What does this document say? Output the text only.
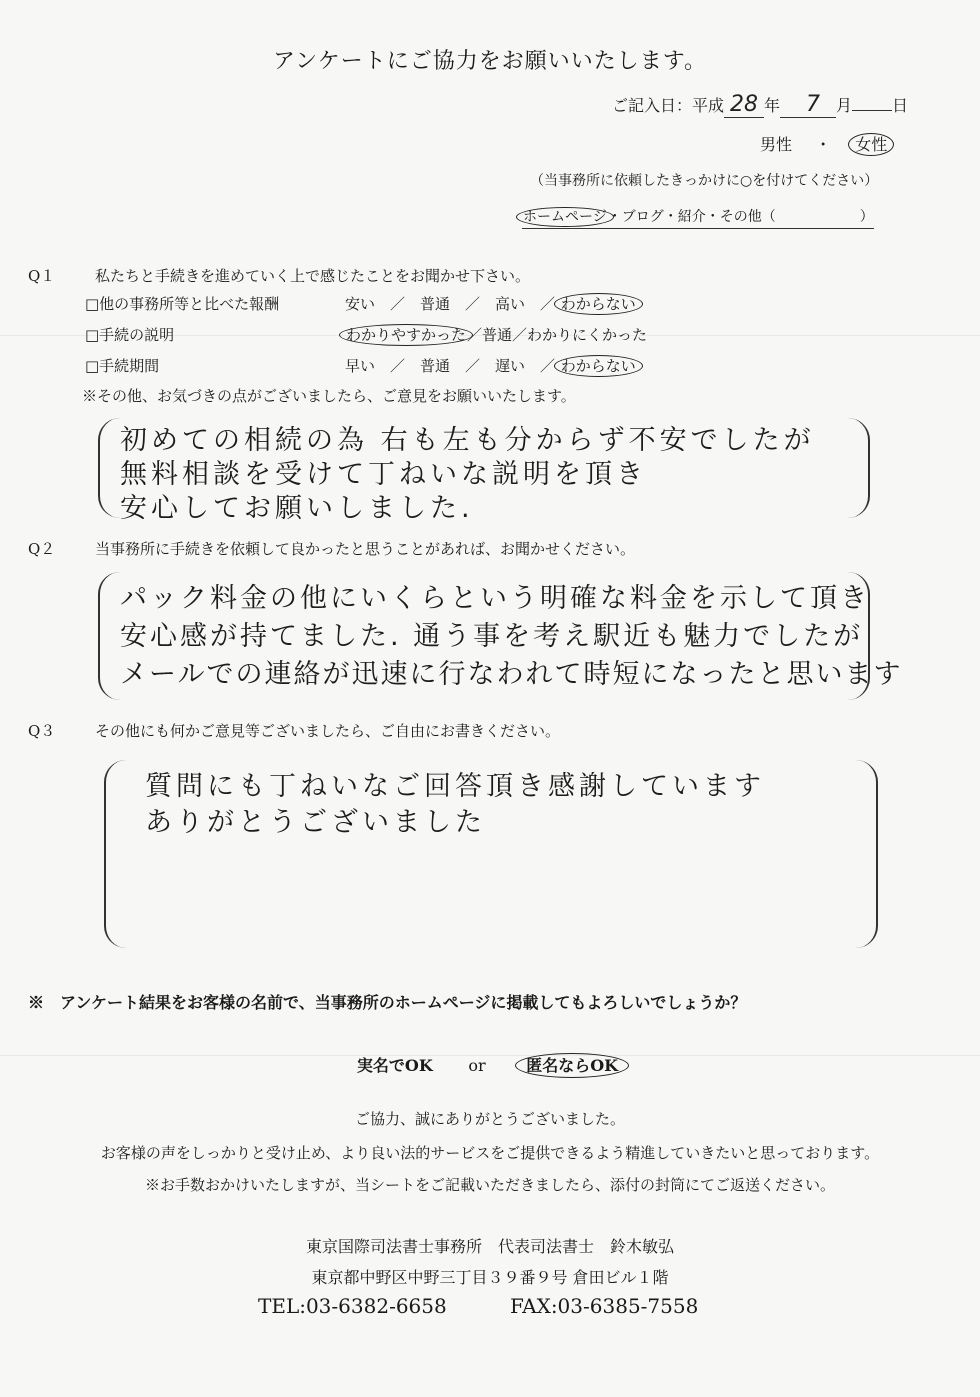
アンケートにご協力をお願いいたします。
ご記入日：平成 28 年 7 月	日
男性 ・ 女性
（当事務所に依頼したきっかけに○を付けてください）
ホームページ・ブログ・紹介・その他（　　　　　　）
Q１	私たちと手続きを進めていく上で感じたことをお聞かせ下さい。
□他の事務所等と比べた報酬	安い　／　普通　／　高い　／ わからない
□手続の説明	わかりやすかった／普通／わかりにくかった
□手続期間	早い　／　普通　／　遅い　／ わからない
※その他、お気づきの点がございましたら、ご意見をお願いいたします。
初めての相続の為 右も左も分からず不安でしたが
無料相談を受けて丁ねいな説明を頂き
安心してお願いしました.
Q２	当事務所に手続きを依頼して良かったと思うことがあれば、お聞かせください。
パック料金の他にいくらという明確な料金を示して頂き
安心感が持てました. 通う事を考え駅近も魅力でしたが
メールでの連絡が迅速に行なわれて時短になったと思います
Q３	その他にも何かご意見等ございましたら、ご自由にお書きください。
質問にも丁ねいなご回答頂き感謝しています
ありがとうございました
※　アンケート結果をお客様の名前で、当事務所のホームページに掲載してもよろしいでしょうか？
実名でOK or	匿名ならOK
ご協力、誠にありがとうございました。
お客様の声をしっかりと受け止め、より良い法的サービスをご提供できるよう精進していきたいと思っております。
※お手数おかけいたしますが、当シートをご記載いただきましたら、添付の封筒にてご返送ください。
東京国際司法書士事務所　代表司法書士　鈴木敏弘
東京都中野区中野三丁目３９番９号 倉田ビル１階
TEL:03-6382-6658	FAX:03-6385-7558
